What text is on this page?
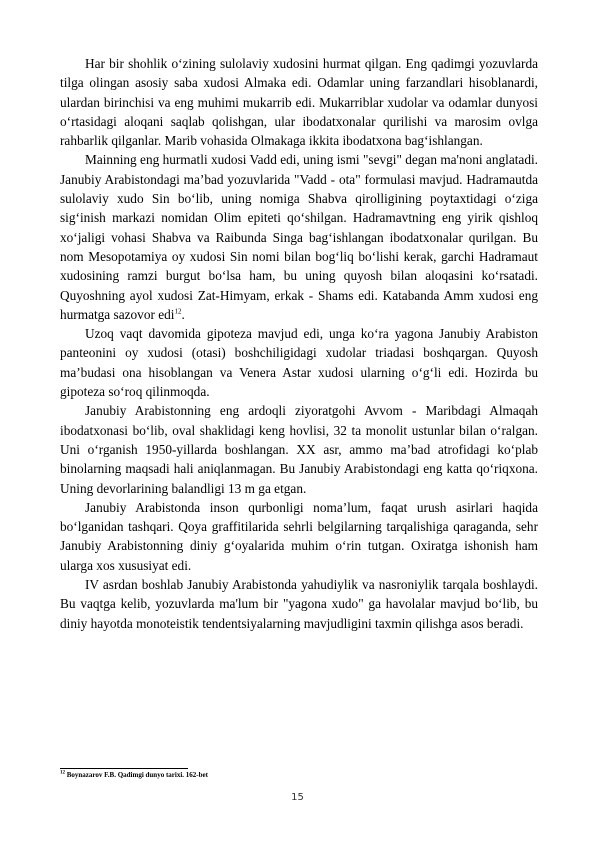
Har bir shohlik o‘zining sulolaviy xudosini hurmat qilgan. Eng qadimgi yozuvlarda tilga olingan asosiy saba xudosi Almaka edi. Odamlar uning farzandlari hisoblanardi, ulardan birinchisi va eng muhimi mukarrib edi. Mukarriblar xudolar va odamlar dunyosi o‘rtasidagi aloqani saqlab qolishgan, ular ibodatxonalar qurilishi va marosim ovlga rahbarlik qilganlar. Marib vohasida Olmakaga ikkita ibodatxona bag‘ishlangan.

Mainning eng hurmatli xudosi Vadd edi, uning ismi "sevgi" degan ma'noni anglatadi. Janubiy Arabistondagi ma’bad yozuvlarida "Vadd - ota" formulasi mavjud. Hadramautda sulolaviy xudo Sin bo‘lib, uning nomiga Shabva qirolligining poytaxtidagi o‘ziga sig‘inish markazi nomidan Olim epiteti qo‘shilgan. Hadramavtning eng yirik qishloq xo‘jaligi vohasi Shabva va Raibunda Singa bag‘ishlangan ibodatxonalar qurilgan. Bu nom Mesopotamiya oy xudosi Sin nomi bilan bog‘liq bo‘lishi kerak, garchi Hadramaut xudosining ramzi burgut bo‘lsa ham, bu uning quyosh bilan aloqasini ko‘rsatadi. Quyoshning ayol xudosi Zat-Himyam, erkak - Shams edi. Katabanda Amm xudosi eng hurmatga sazovor edi$^{12}$.

Uzoq vaqt davomida gipoteza mavjud edi, unga ko‘ra yagona Janubiy Arabiston panteonini oy xudosi (otasi) boshchiligidagi xudolar triadasi boshqargan. Quyosh ma’budasi ona hisoblangan va Venera Astar xudosi ularning o‘g‘li edi. Hozirda bu gipoteza so‘roq qilinmoqda.

Janubiy Arabistonning eng ardoqli ziyoratgohi Avvom - Maribdagi Almaqah ibodatxonasi bo‘lib, oval shaklidagi keng hovlisi, 32 ta monolit ustunlar bilan o‘ralgan. Uni o‘rganish 1950-yillarda boshlangan. XX asr, ammo ma’bad atrofidagi ko‘plab binolarning maqsadi hali aniqlanmagan. Bu Janubiy Arabistondagi eng katta qo‘riqxona. Uning devorlarining balandligi 13 m ga etgan.

Janubiy Arabistonda inson qurbonligi noma’lum, faqat urush asirlari haqida bo‘lganidan tashqari. Qoya graffitilarida sehrli belgilarning tarqalishiga qaraganda, sehr Janubiy Arabistonning diniy g‘oyalarida muhim o‘rin tutgan. Oxiratga ishonish ham ularga xos xususiyat edi.

IV asrdan boshlab Janubiy Arabistonda yahudiylik va nasroniylik tarqala boshlaydi. Bu vaqtga kelib, yozuvlarda ma'lum bir "yagona xudo" ga havolalar mavjud bo‘lib, bu diniy hayotda monoteistik tendentsiyalarning mavjudligini taxmin qilishga asos beradi.

$^{12}$ Boynazarov F.B. Qadimgi dunyo tarixi. 162-bet
15
